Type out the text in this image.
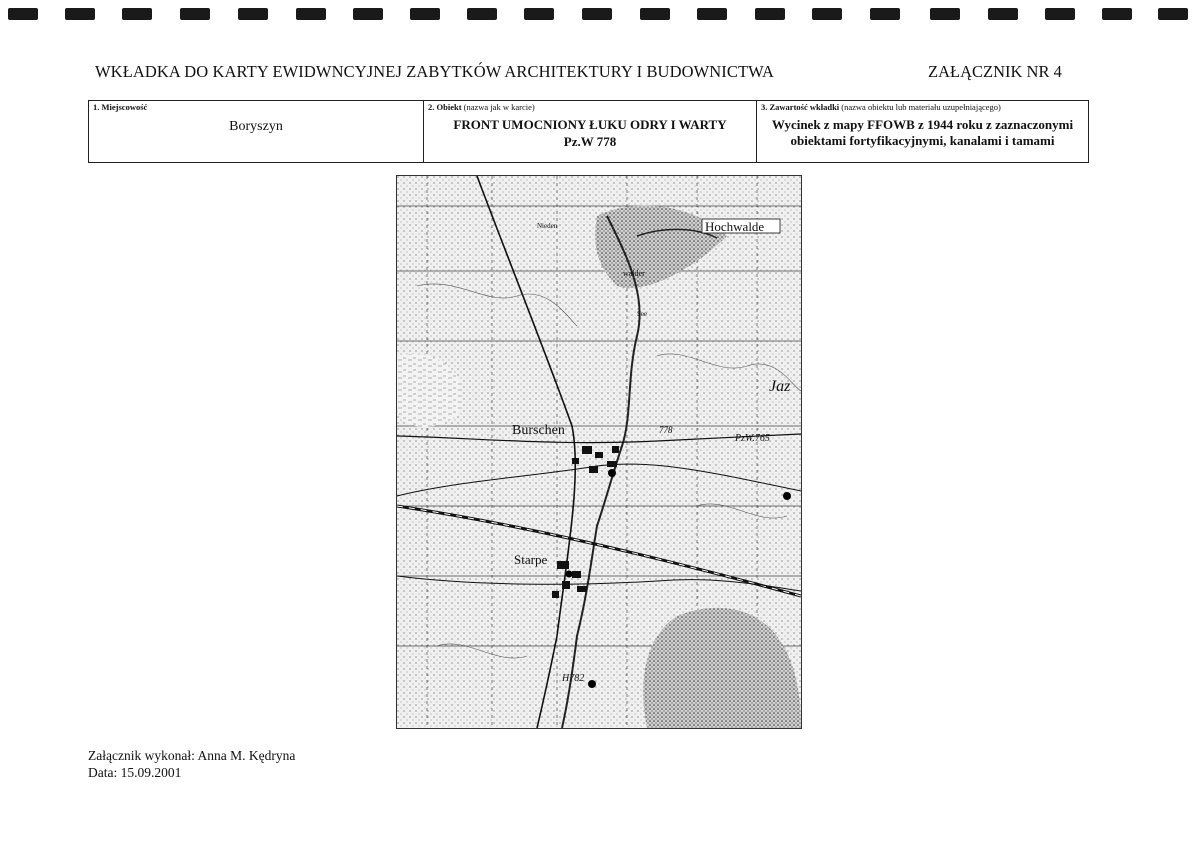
WKŁADKA DO KARTY EWIDWNCYJNEJ ZABYTKÓW ARCHITEKTURY I BUDOWNICTWA	ZAŁĄCZNIK NR 4
1. Miejscowość
Boryszyn
2. Obiekt (nazwa jak w karcie)
FRONT UMOCNIONY ŁUKU ODRY I WARTY
Pz.W 778
3. Zawartość wkładki (nazwa obiektu lub materiału uzupełniającego)
Wycinek z mapy FFOWB z 1944 roku z zaznaczonymi obiektami fortyfikacyjnymi, kanalami i tamami
Hochwalde
Burschen
Starpe
Jaz
778
PzW.765
H782
Nieden
walder
See
Załącznik wykonał: Anna M. Kędryna
Data: 15.09.2001
